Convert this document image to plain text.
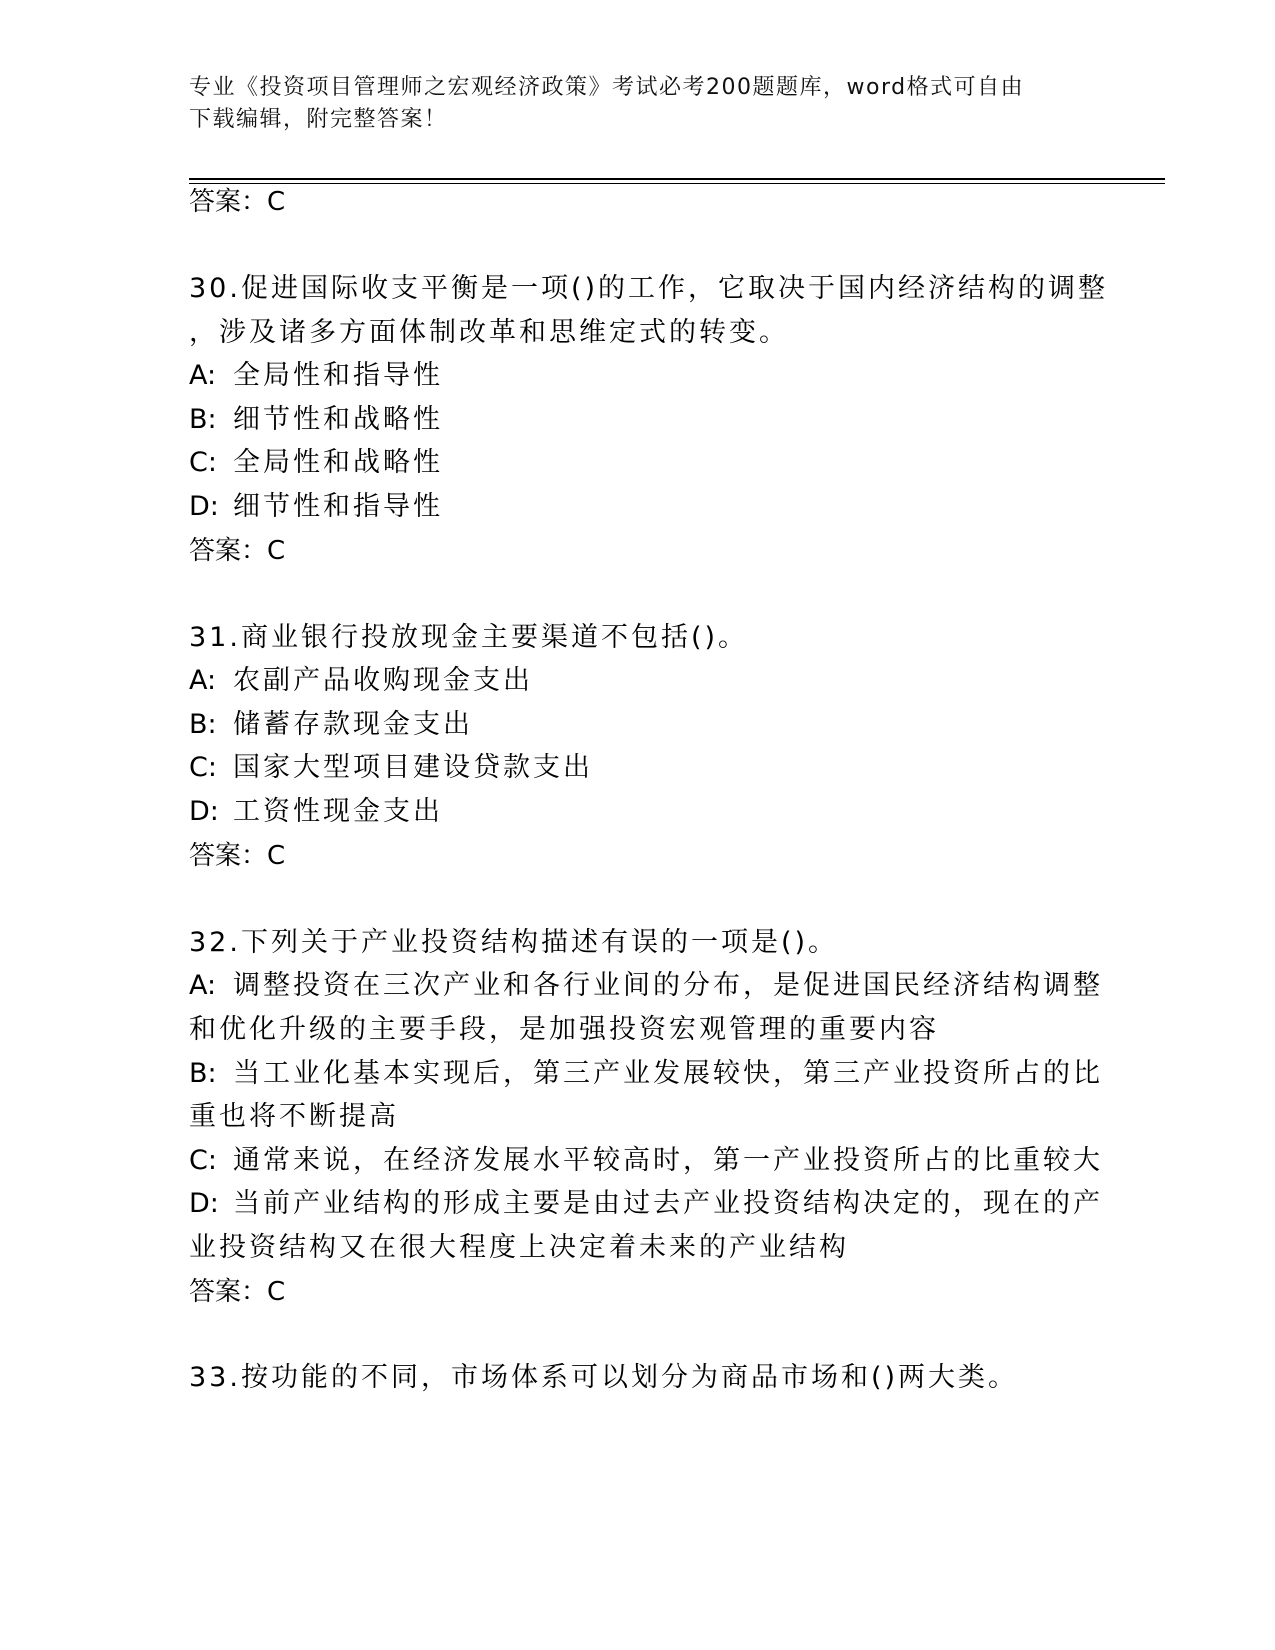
专业《投资项目管理师之宏观经济政策》考试必考200题题库，word格式可自由
下载编辑，附完整答案！
答案：C
30.促进国际收支平衡是一项()的工作，它取决于国内经济结构的调整
，涉及诸多方面体制改革和思维定式的转变。
A: 全局性和指导性
B: 细节性和战略性
C: 全局性和战略性
D: 细节性和指导性
答案：C
31.商业银行投放现金主要渠道不包括()。
A: 农副产品收购现金支出
B: 储蓄存款现金支出
C: 国家大型项目建设贷款支出
D: 工资性现金支出
答案：C
32.下列关于产业投资结构描述有误的一项是()。
A: 调整投资在三次产业和各行业间的分布，是促进国民经济结构调整
和优化升级的主要手段，是加强投资宏观管理的重要内容
B: 当工业化基本实现后，第三产业发展较快，第三产业投资所占的比
重也将不断提高
C: 通常来说，在经济发展水平较高时，第一产业投资所占的比重较大
D: 当前产业结构的形成主要是由过去产业投资结构决定的，现在的产
业投资结构又在很大程度上决定着未来的产业结构
答案：C
33.按功能的不同，市场体系可以划分为商品市场和()两大类。
